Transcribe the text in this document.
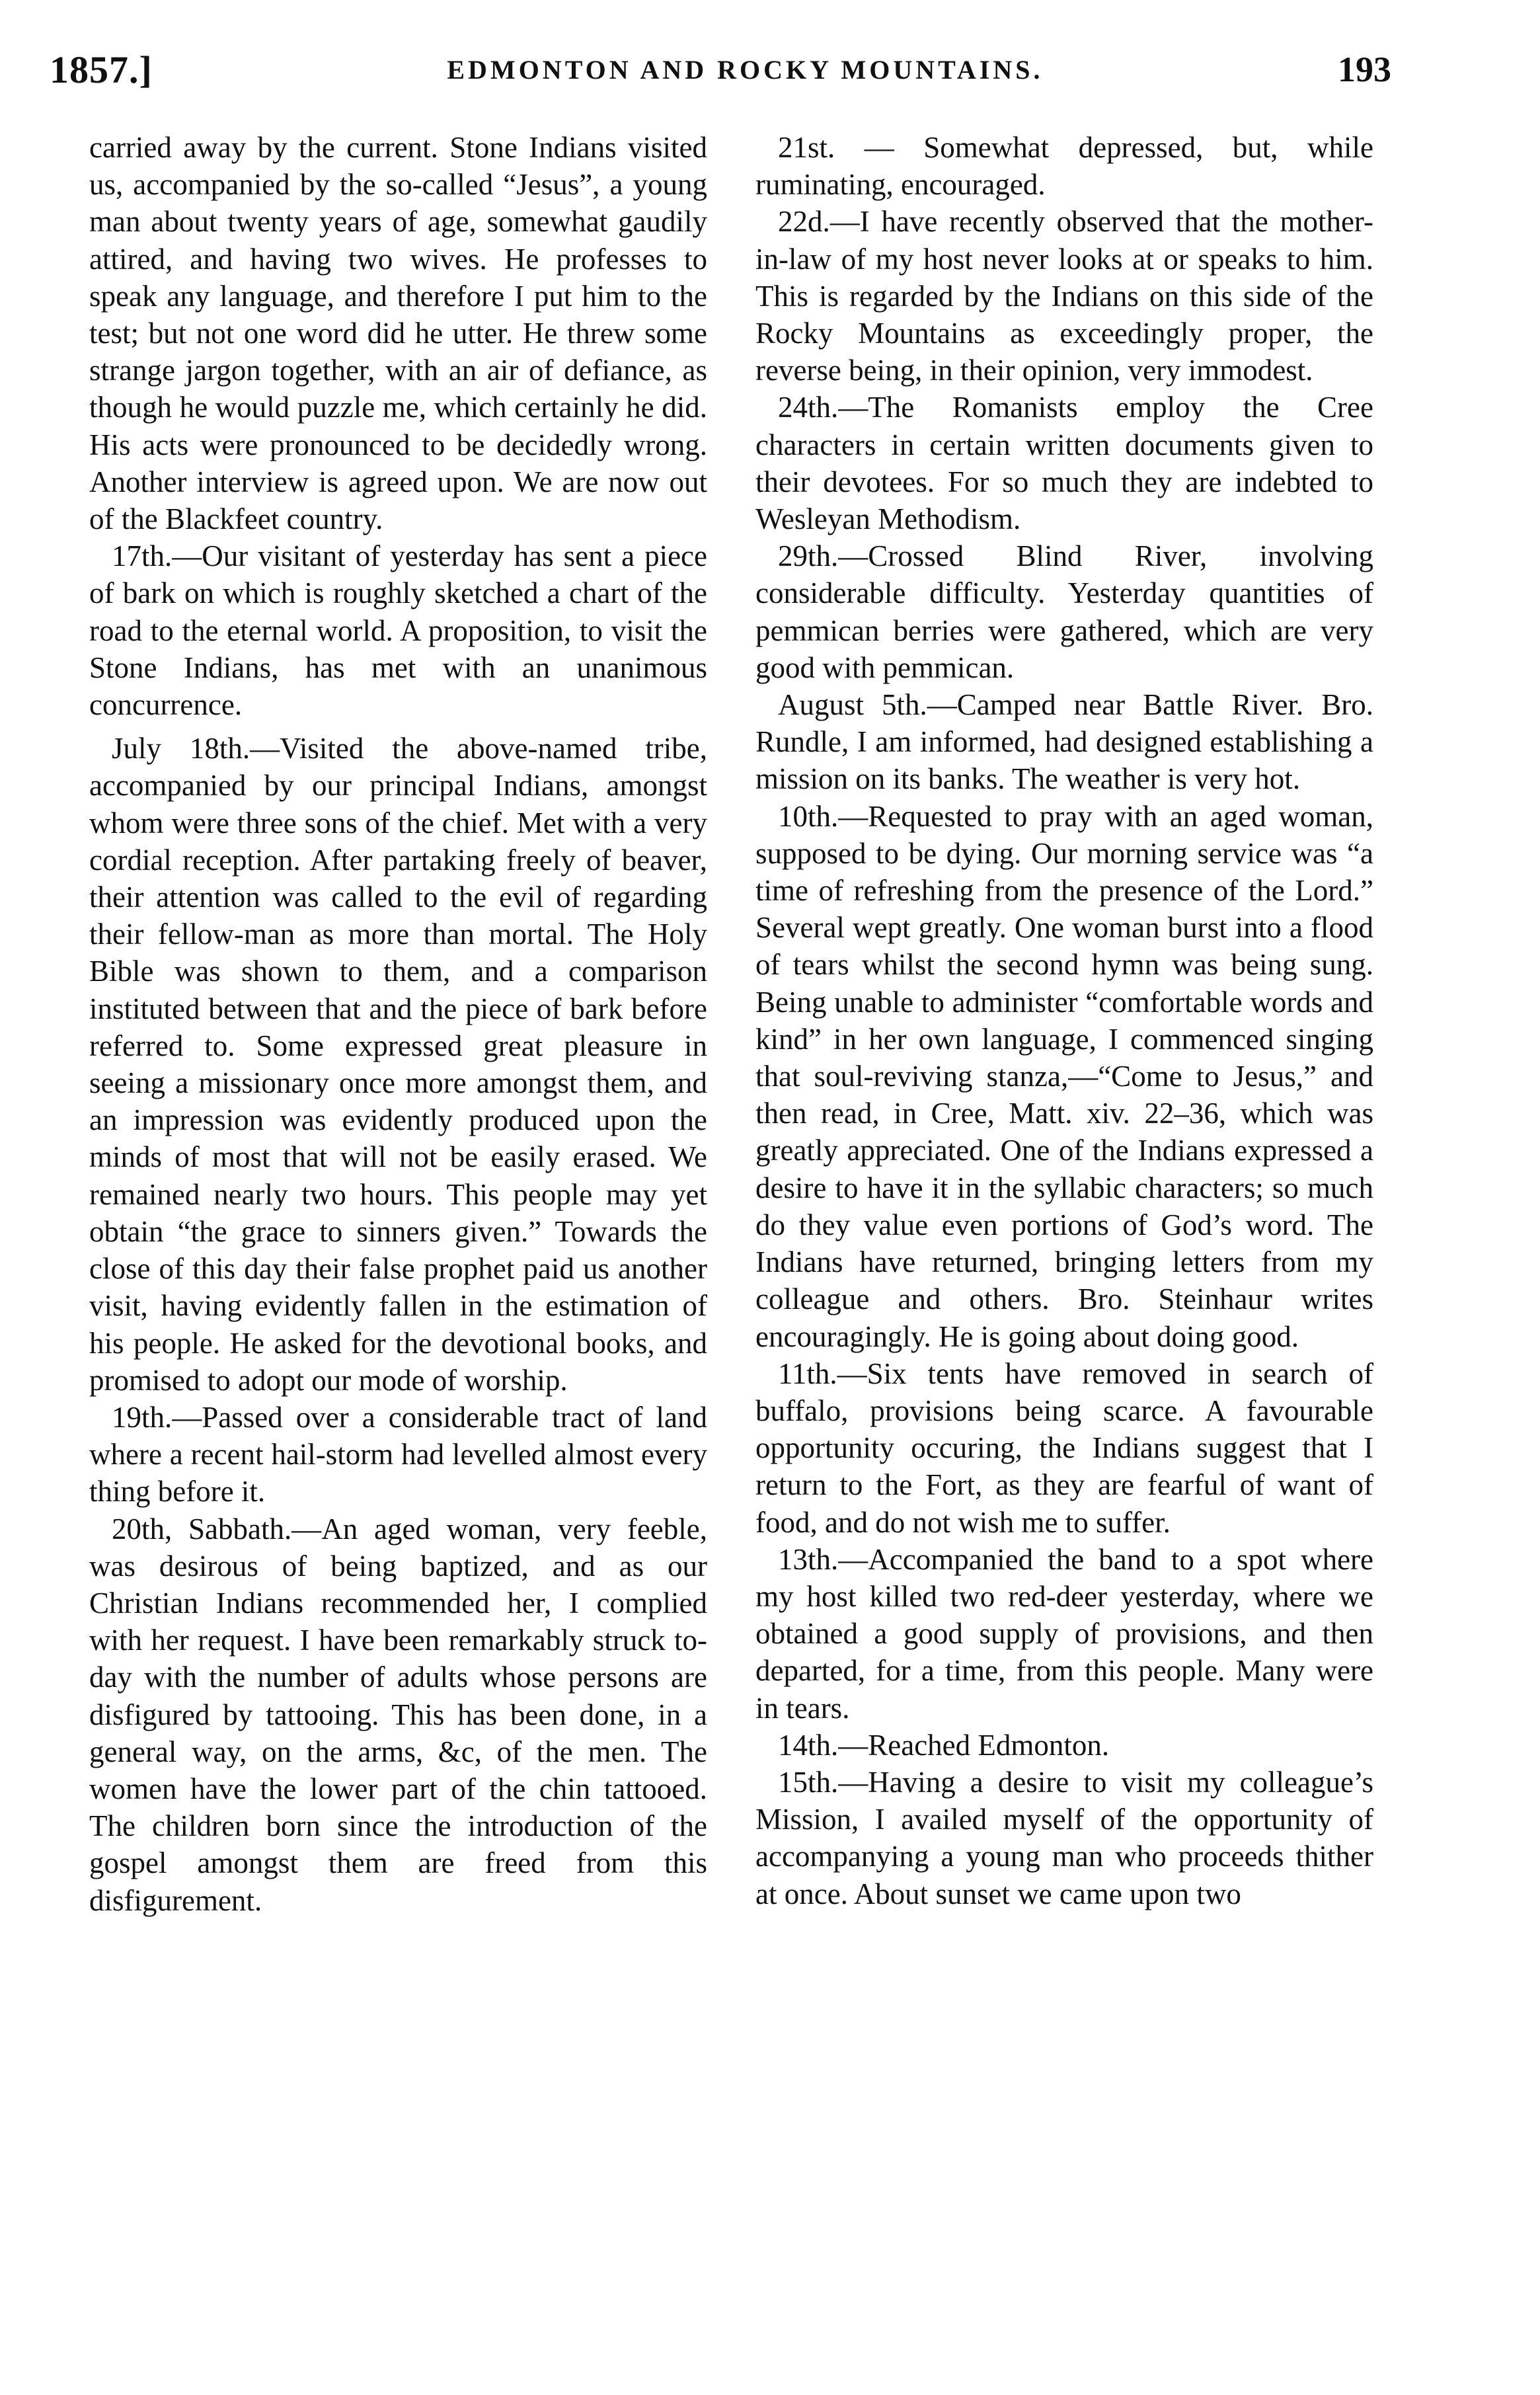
1857.]	EDMONTON AND ROCKY MOUNTAINS.	193

carried away by the current. Stone Indians visited us, accompanied by the so-called “Jesus”, a young man about twenty years of age, somewhat gaudily attired, and having two wives. He professes to speak any language, and therefore I put him to the test; but not one word did he utter. He threw some strange jargon together, with an air of defiance, as though he would puzzle me, which certainly he did. His acts were pronounced to be decidedly wrong. Another interview is agreed upon. We are now out of the Blackfeet country.

17th.—Our visitant of yesterday has sent a piece of bark on which is roughly sketched a chart of the road to the eternal world. A proposition, to visit the Stone Indians, has met with an unanimous concurrence.

July 18th.—Visited the above-named tribe, accompanied by our principal Indians, amongst whom were three sons of the chief. Met with a very cordial reception. After partaking freely of beaver, their attention was called to the evil of regarding their fellow-man as more than mortal. The Holy Bible was shown to them, and a comparison instituted between that and the piece of bark before referred to. Some expressed great pleasure in seeing a missionary once more amongst them, and an impression was evidently produced upon the minds of most that will not be easily erased. We remained nearly two hours. This people may yet obtain “the grace to sinners given.” Towards the close of this day their false prophet paid us another visit, having evidently fallen in the estimation of his people. He asked for the devotional books, and promised to adopt our mode of worship.

19th.—Passed over a considerable tract of land where a recent hail-storm had levelled almost every thing before it.

20th, Sabbath.—An aged woman, very feeble, was desirous of being baptized, and as our Christian Indians recommended her, I complied with her request. I have been remarkably struck to-day with the number of adults whose persons are disfigured by tattooing. This has been done, in a general way, on the arms, &c, of the men. The women have the lower part of the chin tattooed. The children born since the introduction of the gospel amongst them are freed from this disfigurement.

21st. — Somewhat depressed, but, while ruminating, encouraged.

22d.—I have recently observed that the mother-in-law of my host never looks at or speaks to him. This is regarded by the Indians on this side of the Rocky Mountains as exceedingly proper, the reverse being, in their opinion, very immodest.

24th.—The Romanists employ the Cree characters in certain written documents given to their devotees. For so much they are indebted to Wesleyan Methodism.

29th.—Crossed Blind River, involving considerable difficulty. Yesterday quantities of pemmican berries were gathered, which are very good with pemmican.

August 5th.—Camped near Battle River. Bro. Rundle, I am informed, had designed establishing a mission on its banks. The weather is very hot.

10th.—Requested to pray with an aged woman, supposed to be dying. Our morning service was “a time of refreshing from the presence of the Lord.” Several wept greatly. One woman burst into a flood of tears whilst the second hymn was being sung. Being unable to administer “comfortable words and kind” in her own language, I commenced singing that soul-reviving stanza,—“Come to Jesus,” and then read, in Cree, Matt. xiv. 22–36, which was greatly appreciated. One of the Indians expressed a desire to have it in the syllabic characters; so much do they value even portions of God’s word. The Indians have returned, bringing letters from my colleague and others. Bro. Steinhaur writes encouragingly. He is going about doing good.

11th.—Six tents have removed in search of buffalo, provisions being scarce. A favourable opportunity occuring, the Indians suggest that I return to the Fort, as they are fearful of want of food, and do not wish me to suffer.

13th.—Accompanied the band to a spot where my host killed two red-deer yesterday, where we obtained a good supply of provisions, and then departed, for a time, from this people. Many were in tears.

14th.—Reached Edmonton.

15th.—Having a desire to visit my colleague’s Mission, I availed myself of the opportunity of accompanying a young man who proceeds thither at once. About sunset we came upon two
